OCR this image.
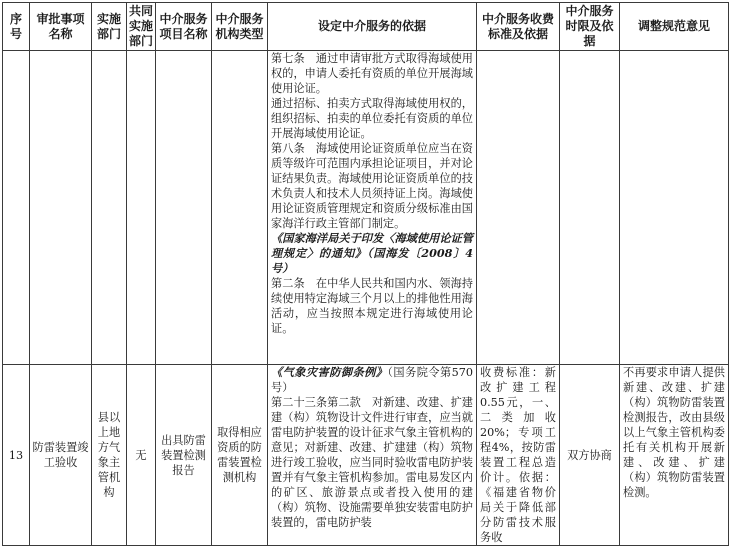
序号	审批事项名称	实施部门	共同实施部门	中介服务项目名称	中介服务机构类型	设定中介服务的依据	中介服务收费标准及依据	中介服务时限及依据	调整规范意见

						第七条　通过申请审批方式取得海域使用权的，申请人委托有资质的单位开展海域使用论证。
通过招标、拍卖方式取得海域使用权的，组织招标、拍卖的单位委托有资质的单位开展海域使用论证。
第八条　海域使用论证资质单位应当在资质等级许可范围内承担论证项目，并对论证结果负责。海域使用论证资质单位的技术负责人和技术人员须持证上岗。海域使用论证资质管理规定和资质分级标准由国家海洋行政主管部门制定。
《国家海洋局关于印发〈海域使用论证管理规定〉的通知》（国海发〔2008〕4号）
第二条　在中华人民共和国内水、领海持续使用特定海域三个月以上的排他性用海活动，应当按照本规定进行海域使用论证。			

13	防雷装置竣工验收	县以上地方气象主管机构	无	出具防雷装置检测报告	取得相应资质的防雷装置检测机构	《气象灾害防御条例》（国务院令第570号）
第二十三条第二款　对新建、改建、扩建建（构）筑物设计文件进行审查，应当就雷电防护装置的设计征求气象主管机构的意见；对新建、改建、扩建建（构）筑物进行竣工验收，应当同时验收雷电防护装置并有气象主管机构参加。雷电易发区内的矿区、旅游景点或者投入使用的建（构）筑物、设施需要单独安装雷电防护装置的，雷电防护装	收费标准：新改扩建工程0.55元，一、二类加收20%；专项工程4%，按防雷装置工程总造价计。依据：《福建省物价局关于降低部分防雷技术服务收	双方协商	不再要求申请人提供新建、改建、扩建（构）筑物防雷装置检测报告，改由县级以上气象主管机构委托有关机构开展新建、改建、扩建（构）筑物防雷装置检测。
